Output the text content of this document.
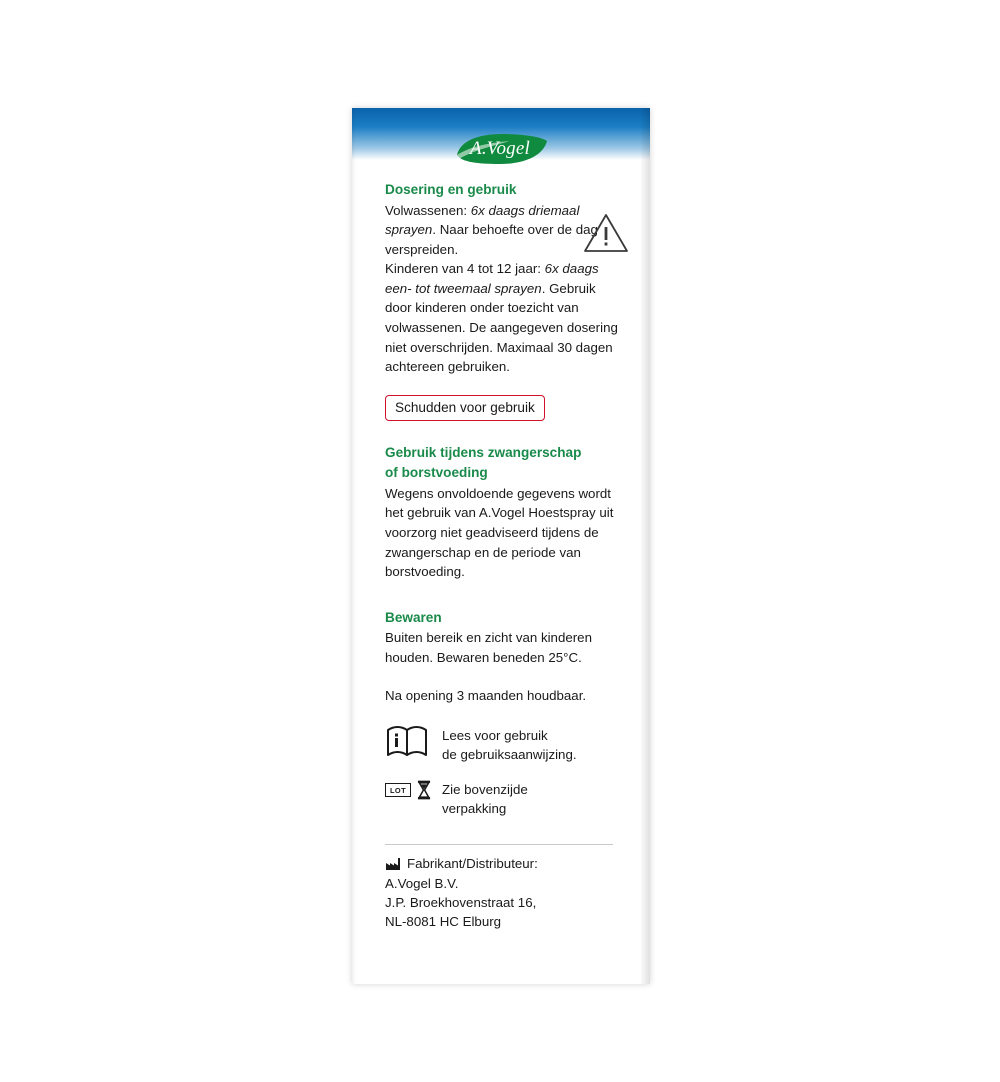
A.Vogel
Dosering en gebruik

Volwassenen: 6x daags driemaal sprayen. Naar behoefte over de dag verspreiden.

Kinderen van 4 tot 12 jaar: 6x daags een- tot tweemaal sprayen. Gebruik door kinderen onder toezicht van volwassenen. De aangegeven dosering niet overschrijden. Maximaal 30 dagen achtereen gebruiken.

Schudden voor gebruik
Gebruik tijdens zwangerschap
of borstvoeding

Wegens onvoldoende gegevens wordt het gebruik van A.Vogel Hoestspray uit voorzorg niet geadviseerd tijdens de zwangerschap en de periode van borstvoeding.

Bewaren

Buiten bereik en zicht van kinderen houden. Bewaren beneden 25°C.

Na opening 3 maanden houdbaar.

Lees voor gebruik
de gebruiksaanwijzing.
LOT	Zie bovenzijde
verpakking
Fabrikant/Distributeur:
A.Vogel B.V.
J.P. Broekhovenstraat 16,
NL-8081 HC Elburg
